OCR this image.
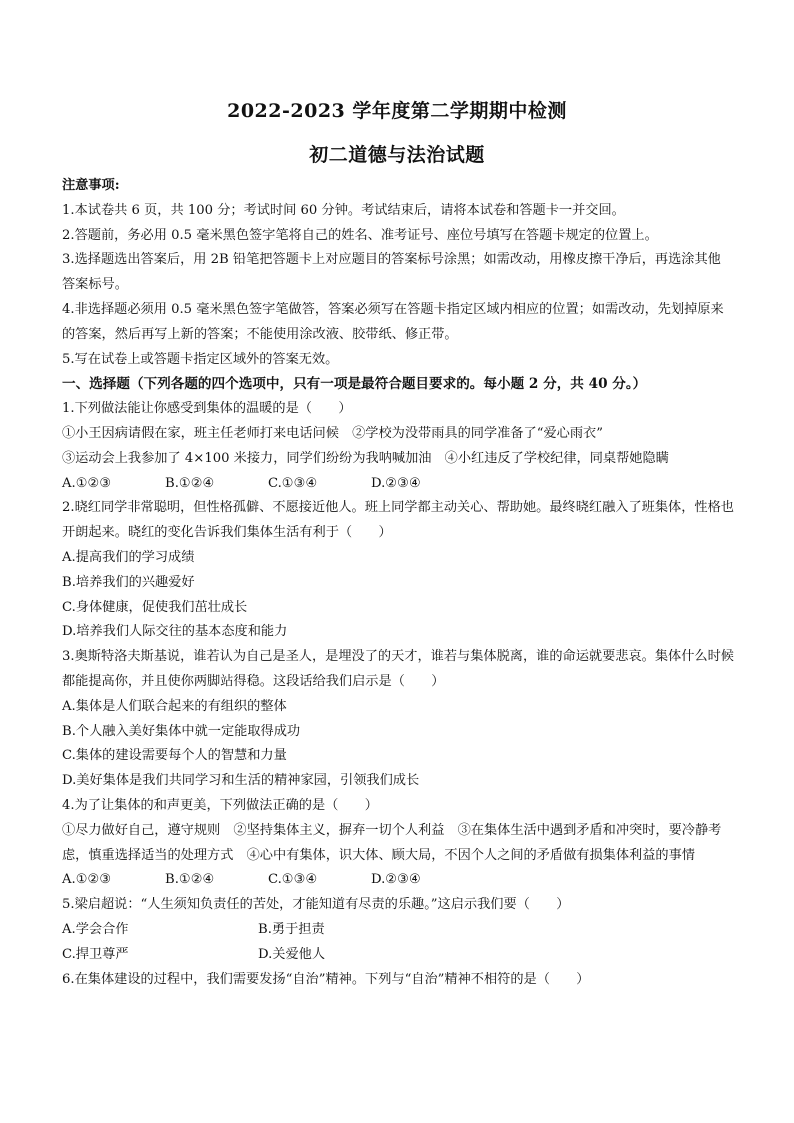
2022-2023 学年度第二学期期中检测
初二道德与法治试题

注意事项:

1.本试卷共 6 页，共 100 分；考试时间 60 分钟。考试结束后，请将本试卷和答题卡一并交回。

2.答题前，务必用 0.5 毫米黑色签字笔将自己的姓名、准考证号、座位号填写在答题卡规定的位置上。

3.选择题选出答案后，用 2B 铅笔把答题卡上对应题目的答案标号涂黑；如需改动，用橡皮擦干净后，再选涂其他答案标号。

4.非选择题必须用 0.5 毫米黑色签字笔做答，答案必须写在答题卡指定区域内相应的位置；如需改动，先划掉原来的答案，然后再写上新的答案；不能使用涂改液、胶带纸、修正带。

5.写在试卷上或答题卡指定区域外的答案无效。

一、选择题（下列各题的四个选项中，只有一项是最符合题目要求的。每小题 2 分，共 40 分。）

1.下列做法能让你感受到集体的温暖的是（　　）

①小王因病请假在家，班主任老师打来电话问候　②学校为没带雨具的同学准备了“爱心雨衣”

③运动会上我参加了 4×100 米接力，同学们纷纷为我呐喊加油　④小红违反了学校纪律，同桌帮她隐瞒

A.①②③	B.①②④	C.①③④	D.②③④

2.晓红同学非常聪明，但性格孤僻、不愿接近他人。班上同学都主动关心、帮助她。最终晓红融入了班集体，性格也开朗起来。晓红的变化告诉我们集体生活有利于（　　）

A.提高我们的学习成绩

B.培养我们的兴趣爱好

C.身体健康，促使我们茁壮成长

D.培养我们人际交往的基本态度和能力

3.奥斯特洛夫斯基说，谁若认为自己是圣人，是埋没了的天才，谁若与集体脱离，谁的命运就要悲哀。集体什么时候都能提高你，并且使你两脚站得稳。这段话给我们启示是（　　）

A.集体是人们联合起来的有组织的整体

B.个人融入美好集体中就一定能取得成功

C.集体的建设需要每个人的智慧和力量

D.美好集体是我们共同学习和生活的精神家园，引领我们成长

4.为了让集体的和声更美，下列做法正确的是（　　）

①尽力做好自己，遵守规则　②坚持集体主义，摒弃一切个人利益　③在集体生活中遇到矛盾和冲突时，要冷静考虑，慎重选择适当的处理方式　④心中有集体，识大体、顾大局，不因个人之间的矛盾做有损集体利益的事情

A.①②③	B.①②④	C.①③④	D.②③④

5.梁启超说：“人生须知负责任的苦处，才能知道有尽责的乐趣。”这启示我们要（　　）

A.学会合作	B.勇于担责

C.捍卫尊严	D.关爱他人

6.在集体建设的过程中，我们需要发扬“自治”精神。下列与“自治”精神不相符的是（　　）
